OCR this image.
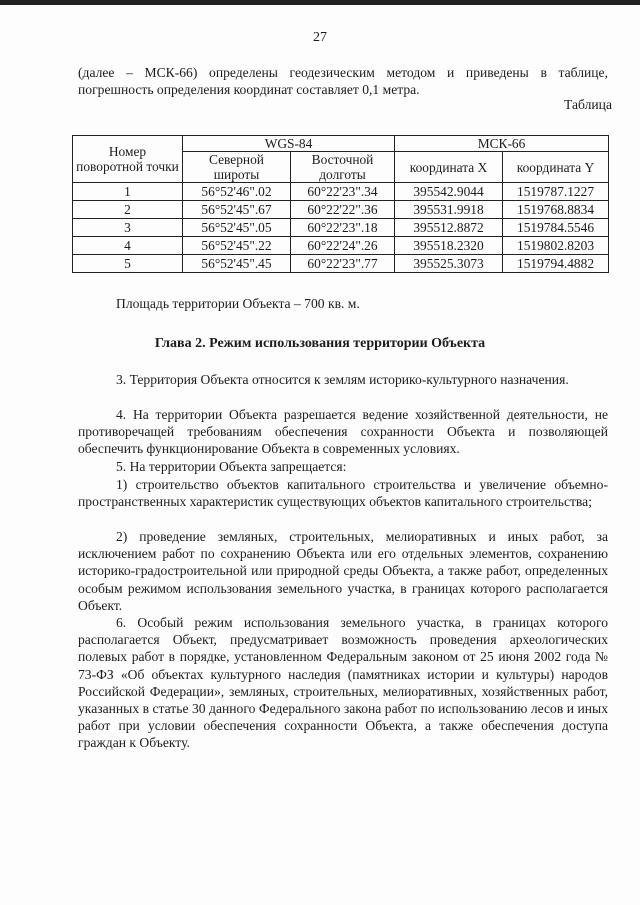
27

(далее – МСК-66) определены геодезическим методом и приведены в таблице, погрешность определения координат составляет 0,1 метра.

Таблица
Номер поворотной точки	WGS-84		МСК-66	
	Северной широты	Восточной долготы	координата X	координата Y
1	56°52'46".02	60°22'23".34	395542.9044	1519787.1227
2	56°52'45".67	60°22'22".36	395531.9918	1519768.8834
3	56°52'45".05	60°22'23".18	395512.8872	1519784.5546
4	56°52'45".22	60°22'24".26	395518.2320	1519802.8203
5	56°52'45".45	60°22'23".77	395525.3073	1519794.4882
Площадь территории Объекта – 700 кв. м.
Глава 2. Режим использования территории Объекта

3. Территория Объекта относится к землям историко-культурного назначения.

4. На территории Объекта разрешается ведение хозяйственной деятельности, не противоречащей требованиям обеспечения сохранности Объекта и позволяющей обеспечить функционирование Объекта в современных условиях.

5. На территории Объекта запрещается:

1) строительство объектов капитального строительства и увеличение объемно-пространственных характеристик существующих объектов капитального строительства;

2) проведение земляных, строительных, мелиоративных и иных работ, за исключением работ по сохранению Объекта или его отдельных элементов, сохранению историко-градостроительной или природной среды Объекта, а также работ, определенных особым режимом использования земельного участка, в границах которого располагается Объект.

6. Особый режим использования земельного участка, в границах которого располагается Объект, предусматривает возможность проведения археологических полевых работ в порядке, установленном Федеральным законом от 25 июня 2002 года № 73-ФЗ «Об объектах культурного наследия (памятниках истории и культуры) народов Российской Федерации», земляных, строительных, мелиоративных, хозяйственных работ, указанных в статье 30 данного Федерального закона работ по использованию лесов и иных работ при условии обеспечения сохранности Объекта, а также обеспечения доступа граждан к Объекту.
